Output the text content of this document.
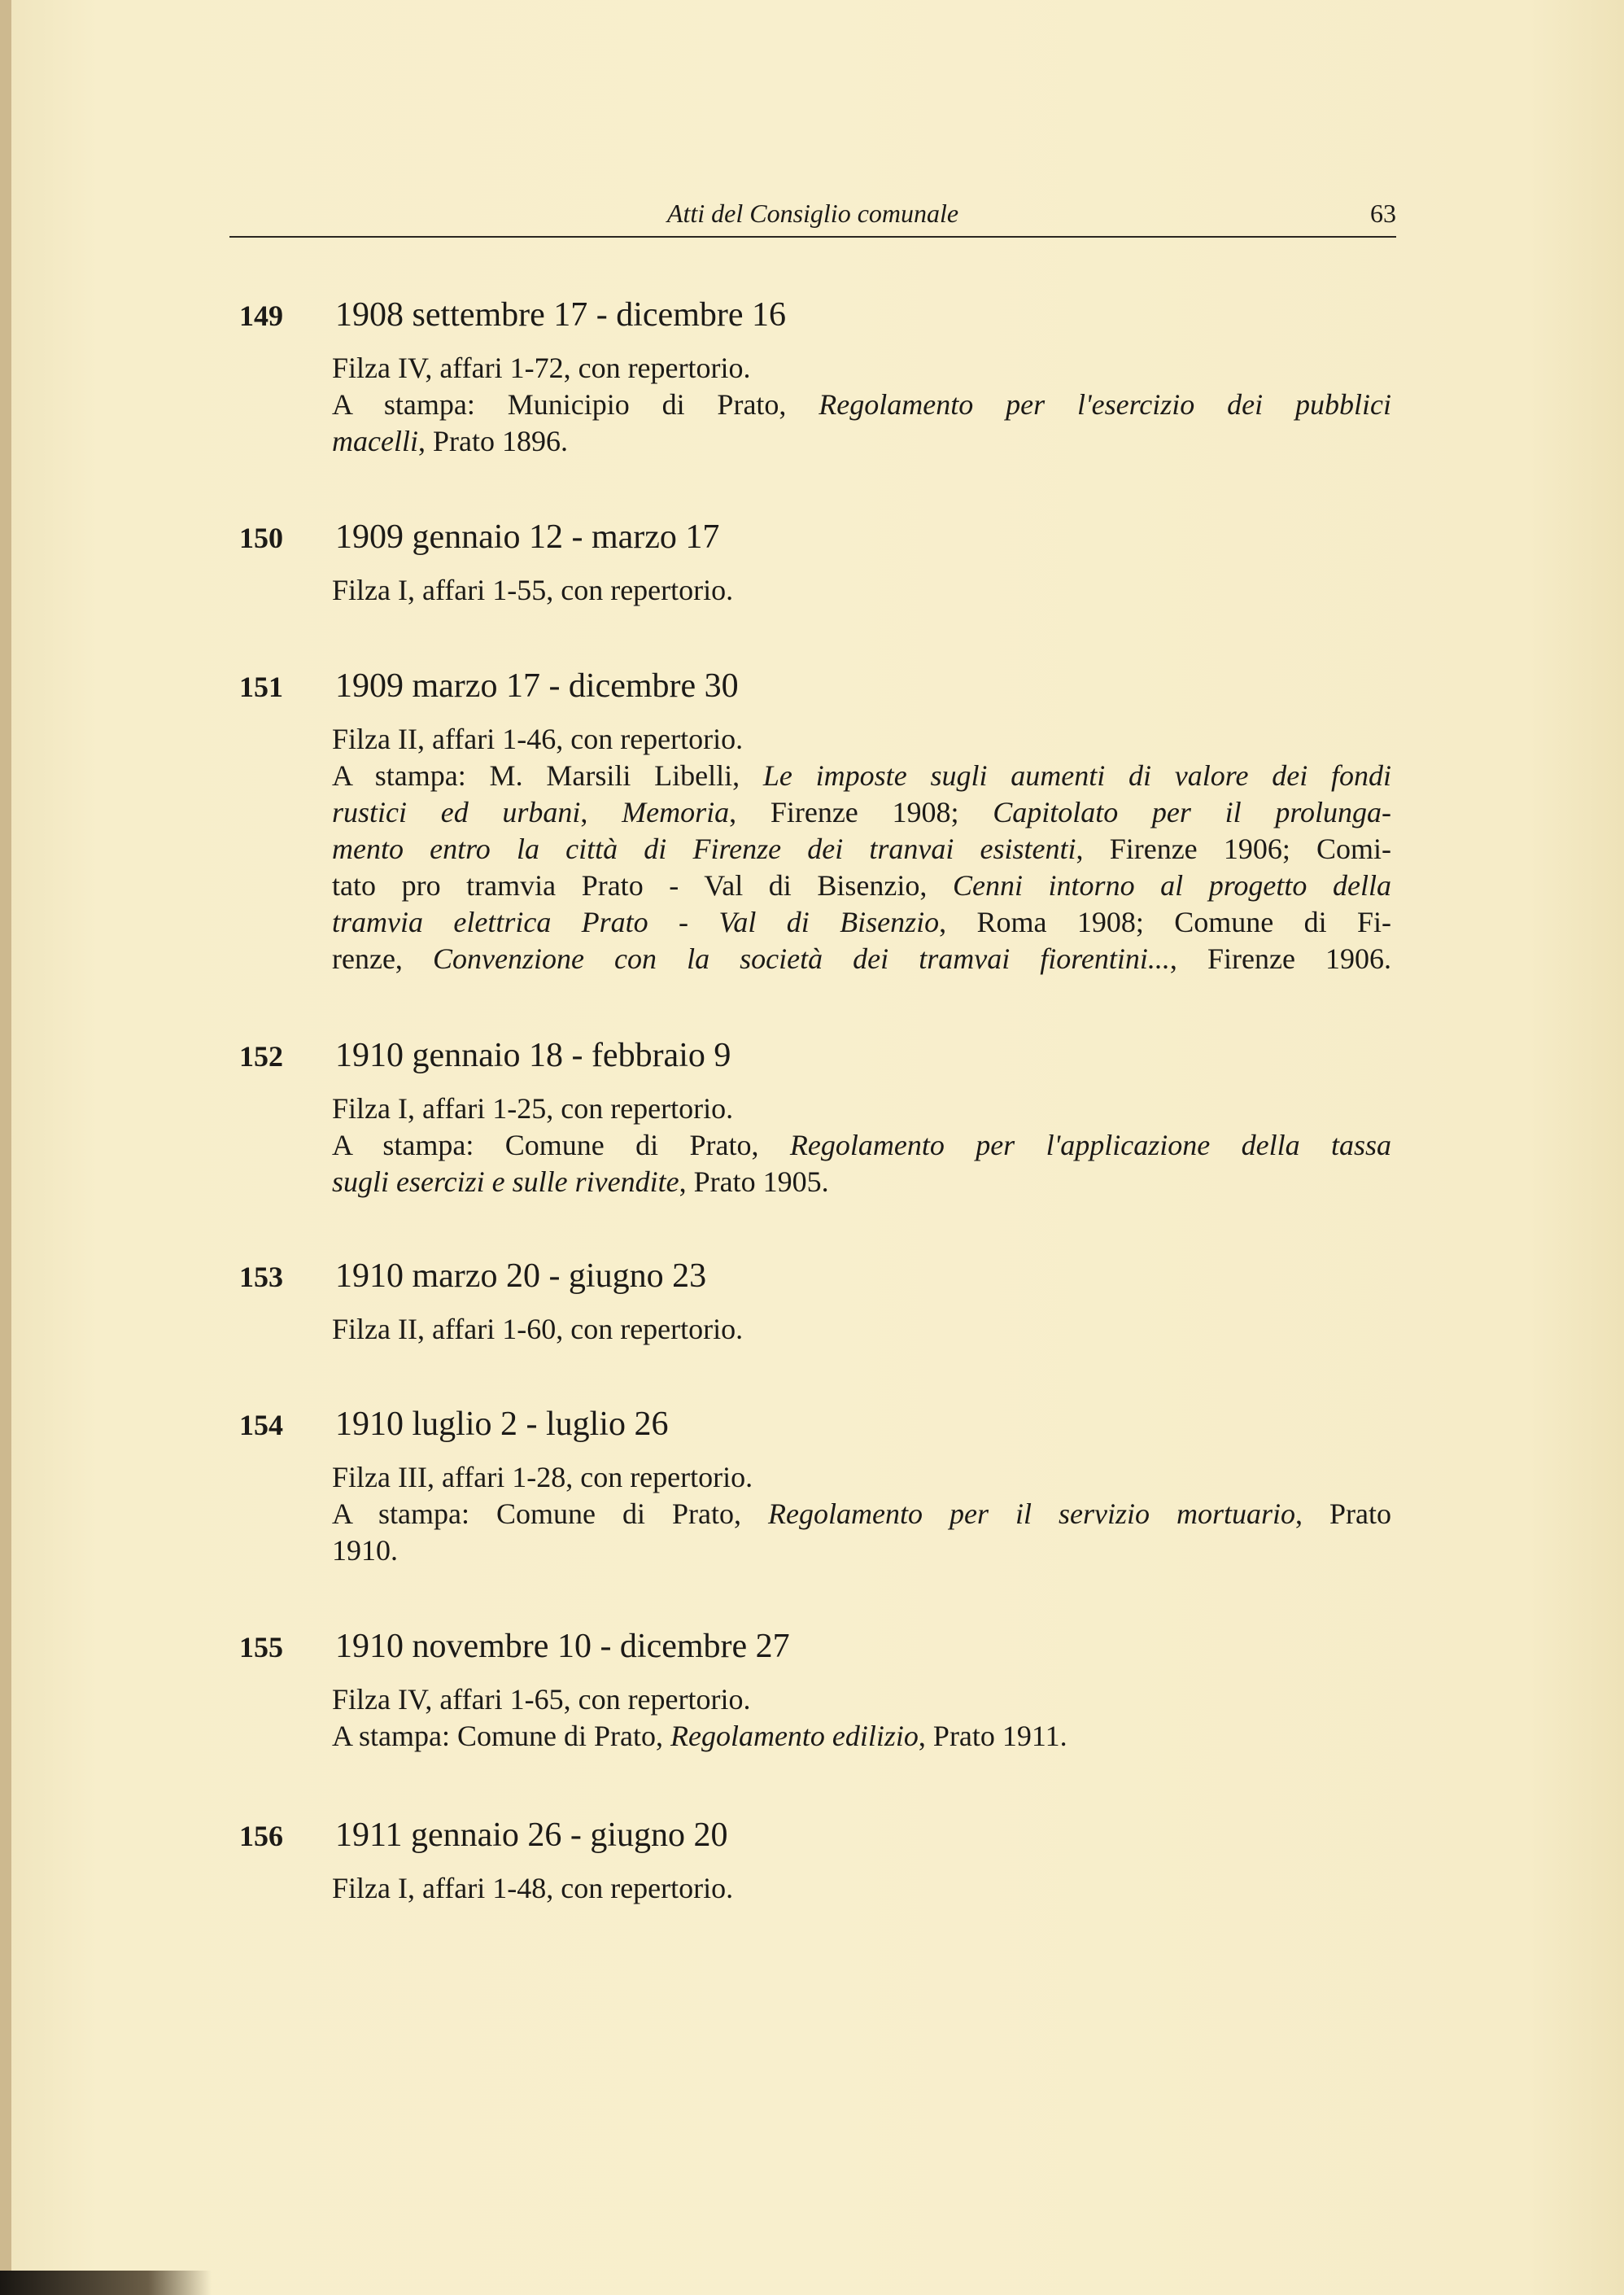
Atti del Consiglio comunale	63
149 1908 settembre 17 - dicembre 16
Filza IV, affari 1-72, con repertorio.
A stampa: Municipio di Prato, Regolamento per l'esercizio dei pubblici
macelli, Prato 1896.
150 1909 gennaio 12 - marzo 17
Filza I, affari 1-55, con repertorio.
151 1909 marzo 17 - dicembre 30
Filza II, affari 1-46, con repertorio.
A stampa: M. Marsili Libelli, Le imposte sugli aumenti di valore dei fondi
rustici ed urbani, Memoria, Firenze 1908; Capitolato per il prolunga-
mento entro la città di Firenze dei tranvai esistenti, Firenze 1906; Comi-
tato pro tramvia Prato - Val di Bisenzio, Cenni intorno al progetto della
tramvia elettrica Prato - Val di Bisenzio, Roma 1908; Comune di Fi-
renze, Convenzione con la società dei tramvai fiorentini..., Firenze 1906.
152 1910 gennaio 18 - febbraio 9
Filza I, affari 1-25, con repertorio.
A stampa: Comune di Prato, Regolamento per l'applicazione della tassa
sugli esercizi e sulle rivendite, Prato 1905.
153 1910 marzo 20 - giugno 23
Filza II, affari 1-60, con repertorio.
154 1910 luglio 2 - luglio 26
Filza III, affari 1-28, con repertorio.
A stampa: Comune di Prato, Regolamento per il servizio mortuario, Prato
1910.
155 1910 novembre 10 - dicembre 27
Filza IV, affari 1-65, con repertorio.
A stampa: Comune di Prato, Regolamento edilizio, Prato 1911.
156 1911 gennaio 26 - giugno 20
Filza I, affari 1-48, con repertorio.
